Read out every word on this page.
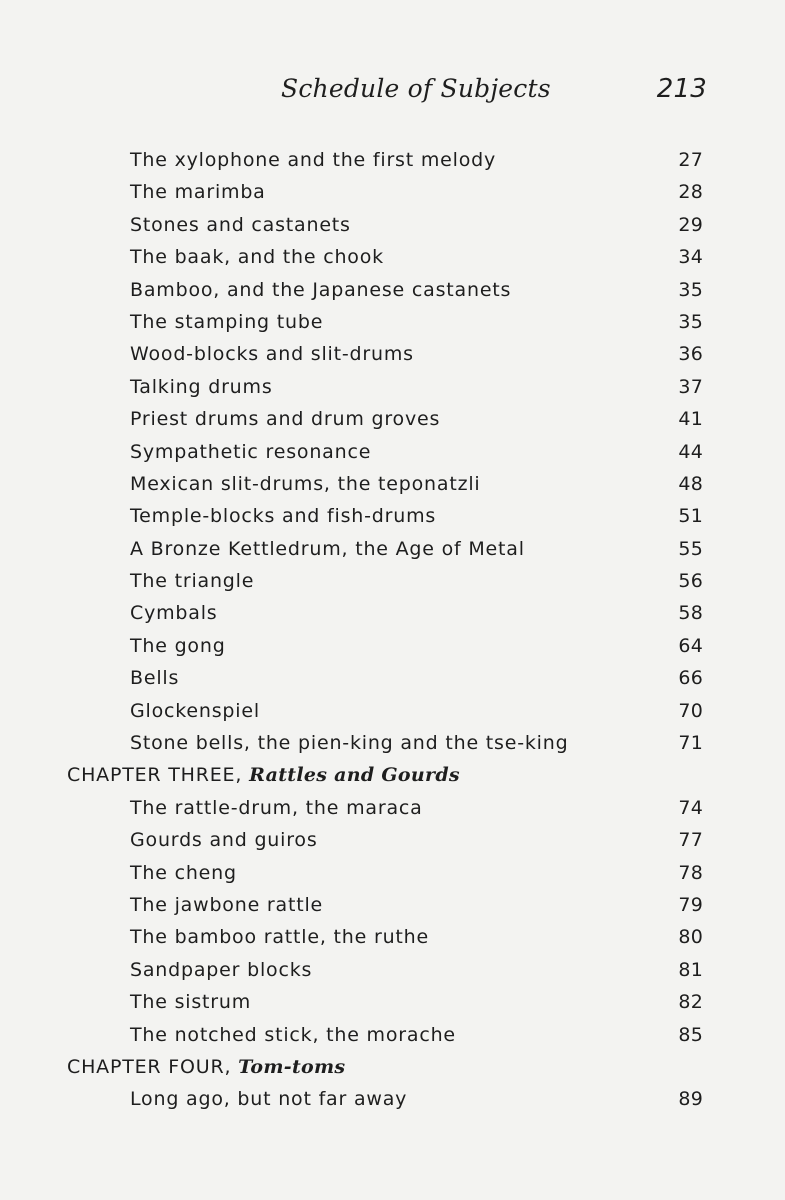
Schedule of Subjects	213
The xylophone and the first melody	27
The marimba	28
Stones and castanets	29
The baak, and the chook	34
Bamboo, and the Japanese castanets	35
The stamping tube	35
Wood-blocks and slit-drums	36
Talking drums	37
Priest drums and drum groves	41
Sympathetic resonance	44
Mexican slit-drums, the teponatzli	48
Temple-blocks and fish-drums	51
A Bronze Kettledrum, the Age of Metal	55
The triangle	56
Cymbals	58
The gong	64
Bells	66
Glockenspiel	70
Stone bells, the pien-king and the tse-king	71
CHAPTER THREE, Rattles and Gourds
The rattle-drum, the maraca	74
Gourds and guiros	77
The cheng	78
The jawbone rattle	79
The bamboo rattle, the ruthe	80
Sandpaper blocks	81
The sistrum	82
The notched stick, the morache	85
CHAPTER FOUR, Tom-toms
Long ago, but not far away	89
